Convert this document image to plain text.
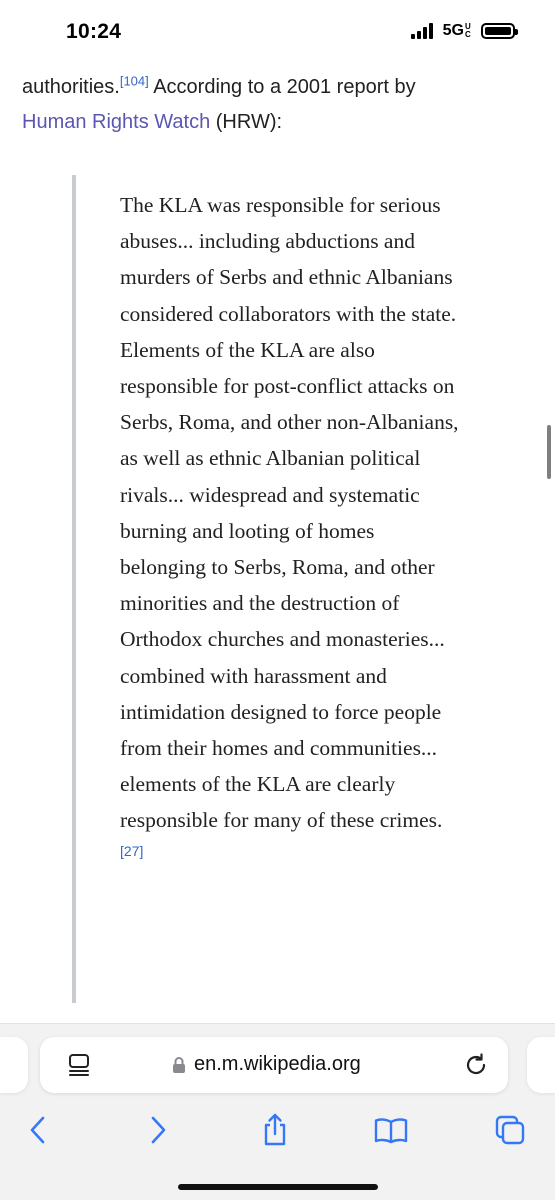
10:24	5G UC
authorities.[104] According to a 2001 report by
Human Rights Watch (HRW):
The KLA was responsible for serious abuses... including abductions and murders of Serbs and ethnic Albanians considered collaborators with the state. Elements of the KLA are also responsible for post-conflict attacks on Serbs, Roma, and other non-Albanians, as well as ethnic Albanian political rivals... widespread and systematic burning and looting of homes belonging to Serbs, Roma, and other minorities and the destruction of Orthodox churches and monasteries... combined with harassment and intimidation designed to force people from their homes and communities... elements of the KLA are clearly responsible for many of these crimes.[27]
en.m.wikipedia.org
